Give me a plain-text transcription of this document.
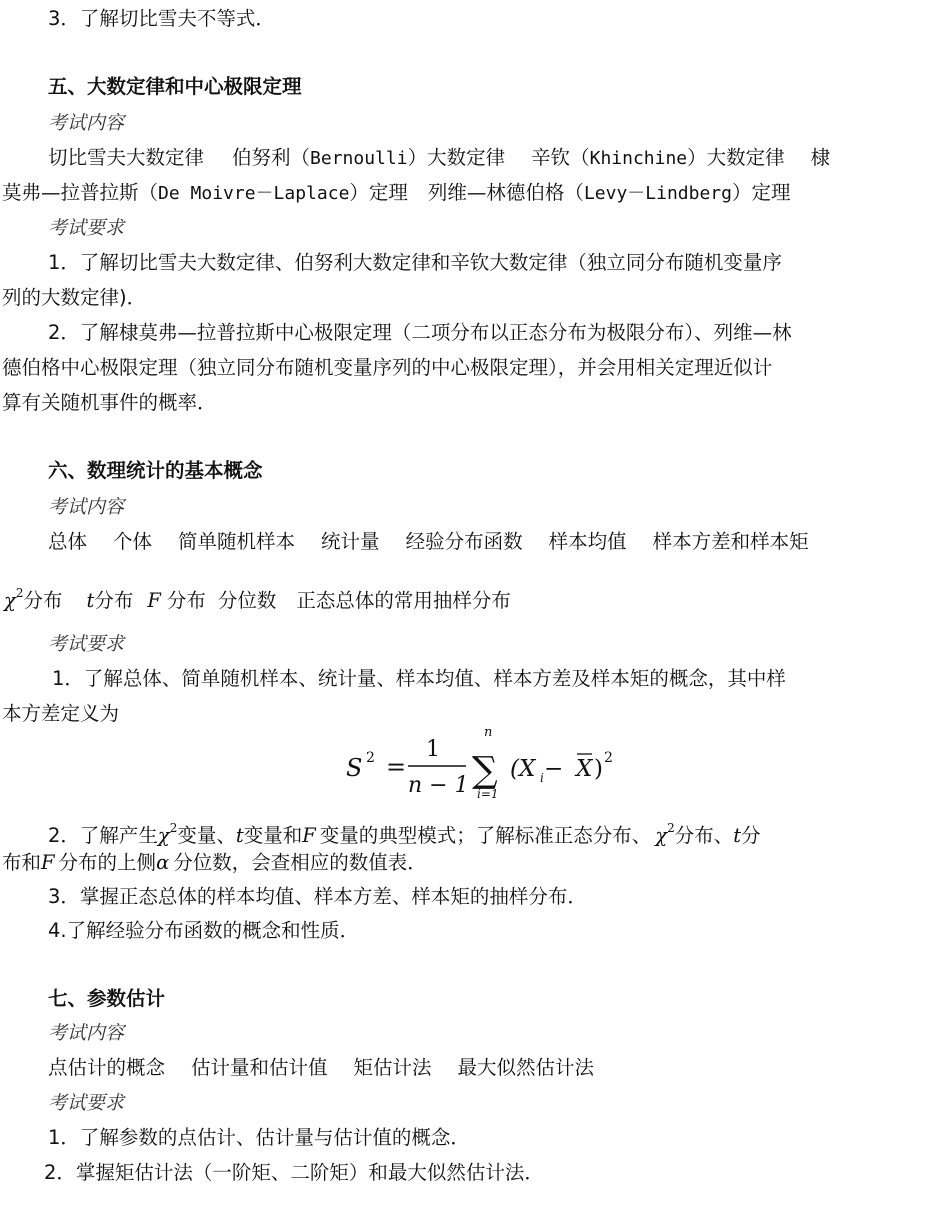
3．了解切比雪夫不等式．
五、大数定律和中心极限定理
考试内容
切比雪夫大数定律 伯努利（Bernoulli）大数定律 辛钦（Khinchine）大数定律 棣
莫弗—拉普拉斯（De Moivre－Laplace）定理 列维—林德伯格（Levy－Lindberg）定理
考试要求
1．了解切比雪夫大数定律、伯努利大数定律和辛钦大数定律（独立同分布随机变量序
列的大数定律)．
2．了解棣莫弗—拉普拉斯中心极限定理（二项分布以正态分布为极限分布）、列维—林
德伯格中心极限定理（独立同分布随机变量序列的中心极限定理），并会用相关定理近似计
算有关随机事件的概率．
六、数理统计的基本概念
考试内容
总体 个体 简单随机样本 统计量 经验分布函数 样本均值 样本方差和样本矩
$\chi^2$分布 t分布 F 分布 分位数 正态总体的常用抽样分布
考试要求
1．了解总体、简单随机样本、统计量、样本均值、样本方差及样本矩的概念，其中样
本方差定义为
S 2 =
1
n − 1 ∑
n
i=1
(X i − X ) 2
2．了解产生$\chi^2$变量、t变量和F 变量的典型模式；了解标准正态分布、 $\chi^2$分布、t分
布和F 分布的上侧α 分位数，会查相应的数值表．
3．掌握正态总体的样本均值、样本方差、样本矩的抽样分布．
4.了解经验分布函数的概念和性质．
七、参数估计
考试内容
点估计的概念 估计量和估计值 矩估计法 最大似然估计法
考试要求
1．了解参数的点估计、估计量与估计值的概念．
2．掌握矩估计法（一阶矩、二阶矩）和最大似然估计法．
